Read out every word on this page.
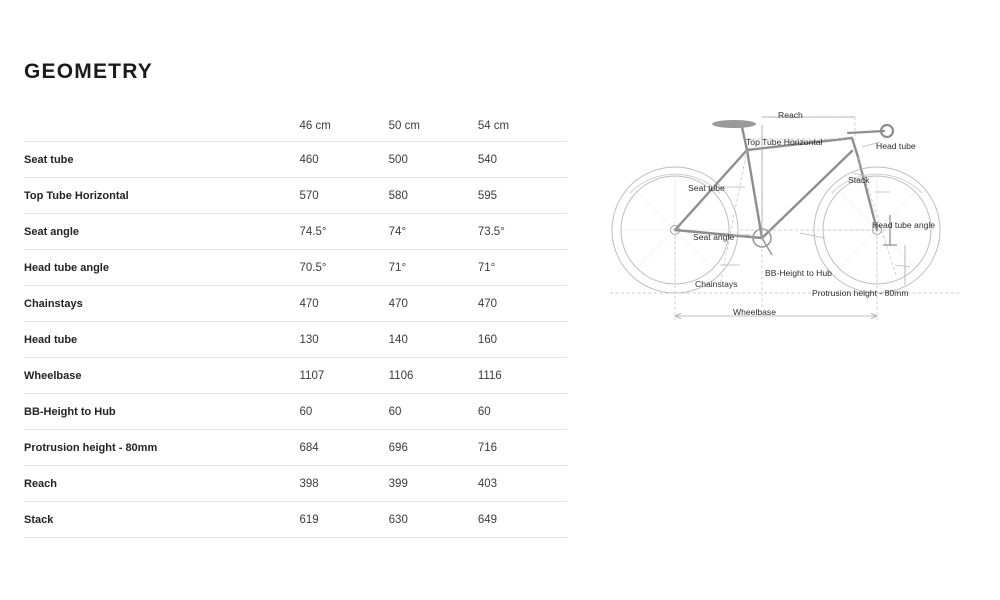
GEOMETRY
	46 cm	50 cm	54 cm
Seat tube	460	500	540
Top Tube Horizontal	570	580	595
Seat angle	74.5°	74°	73.5°
Head tube angle	70.5°	71°	71°
Chainstays	470	470	470
Head tube	130	140	160
Wheelbase	1107	1106	1116
BB-Height to Hub	60	60	60
Protrusion height - 80mm	684	696	716
Reach	398	399	403
Stack	619	630	649
Reach
Top Tube Horizontal	Head tube
Seat tube
Stack
Seat angle
Head tube angle
BB-Height to Hub
Chainstays
Protrusion height - 80mm
Wheelbase
